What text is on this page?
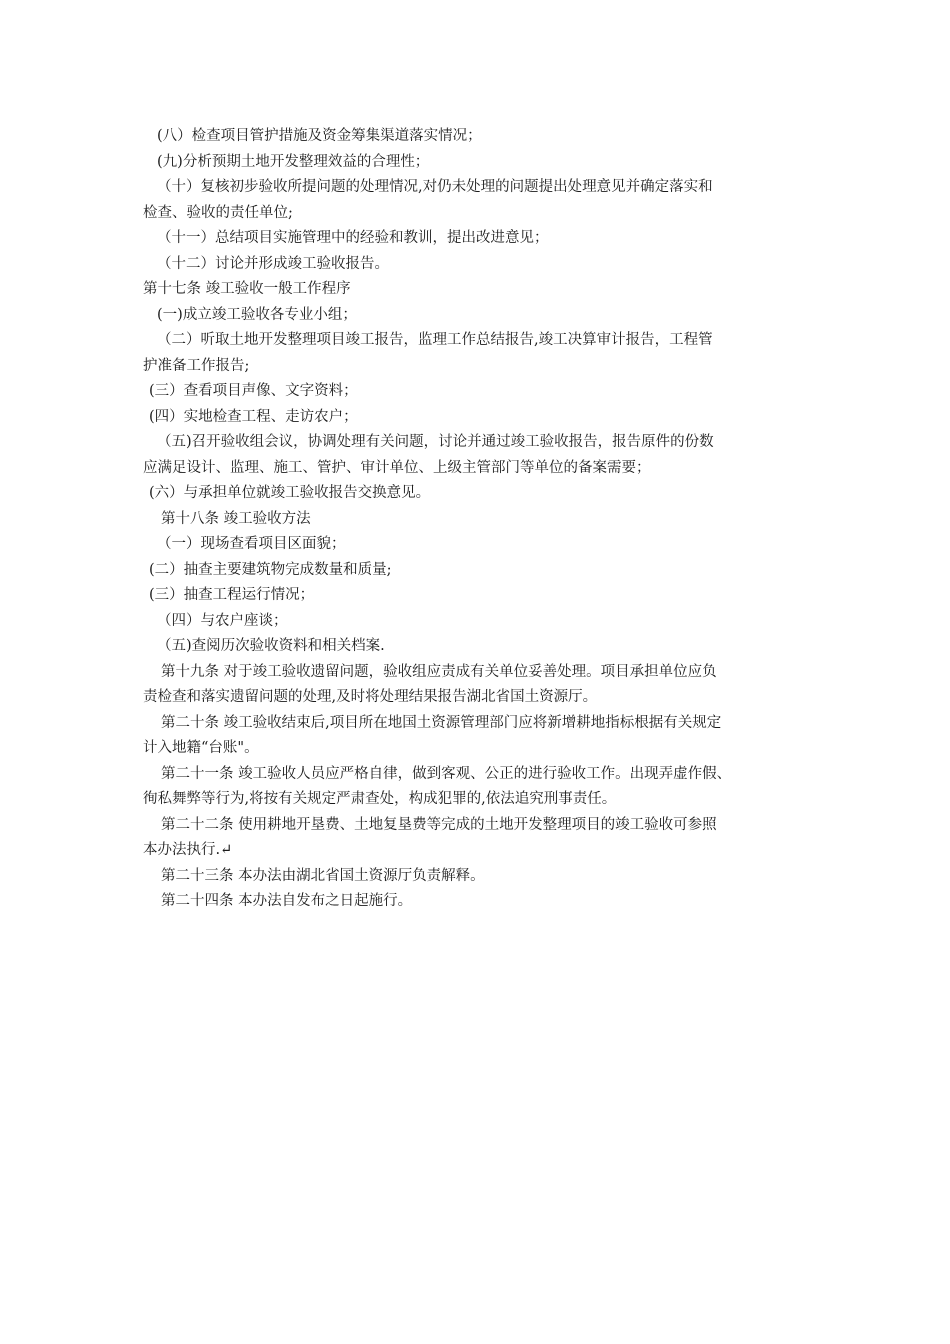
(八）检查项目管护措施及资金筹集渠道落实情况；
(九)分析预期土地开发整理效益的合理性；
（十）复核初步验收所提问题的处理情况,对仍未处理的问题提出处理意见并确定落实和
检查、验收的责任单位;
（十一）总结项目实施管理中的经验和教训，提出改进意见；
（十二）讨论并形成竣工验收报告。
第十七条 竣工验收一般工作程序
(一)成立竣工验收各专业小组；
（二）听取土地开发整理项目竣工报告，监理工作总结报告,竣工决算审计报告，工程管
护准备工作报告;
(三）查看项目声像、文字资料；
(四）实地检查工程、走访农户；
（五)召开验收组会议，协调处理有关问题，讨论并通过竣工验收报告，报告原件的份数
应满足设计、监理、施工、管护、审计单位、上级主管部门等单位的备案需要；
(六）与承担单位就竣工验收报告交换意见。
第十八条 竣工验收方法
（一）现场查看项目区面貌；
(二）抽查主要建筑物完成数量和质量;
(三）抽查工程运行情况；
（四）与农户座谈；
（五)查阅历次验收资料和相关档案.
第十九条 对于竣工验收遗留问题，验收组应责成有关单位妥善处理。项目承担单位应负
责检查和落实遗留问题的处理,及时将处理结果报告湖北省国土资源厅。
第二十条 竣工验收结束后,项目所在地国土资源管理部门应将新增耕地指标根据有关规定
计入地籍“台账"。
第二十一条 竣工验收人员应严格自律，做到客观、公正的进行验收工作。出现弄虚作假、
徇私舞弊等行为,将按有关规定严肃查处，构成犯罪的,依法追究刑事责任。
第二十二条 使用耕地开垦费、土地复垦费等完成的土地开发整理项目的竣工验收可参照
本办法执行.↵
第二十三条 本办法由湖北省国土资源厅负责解释。
第二十四条 本办法自发布之日起施行。
